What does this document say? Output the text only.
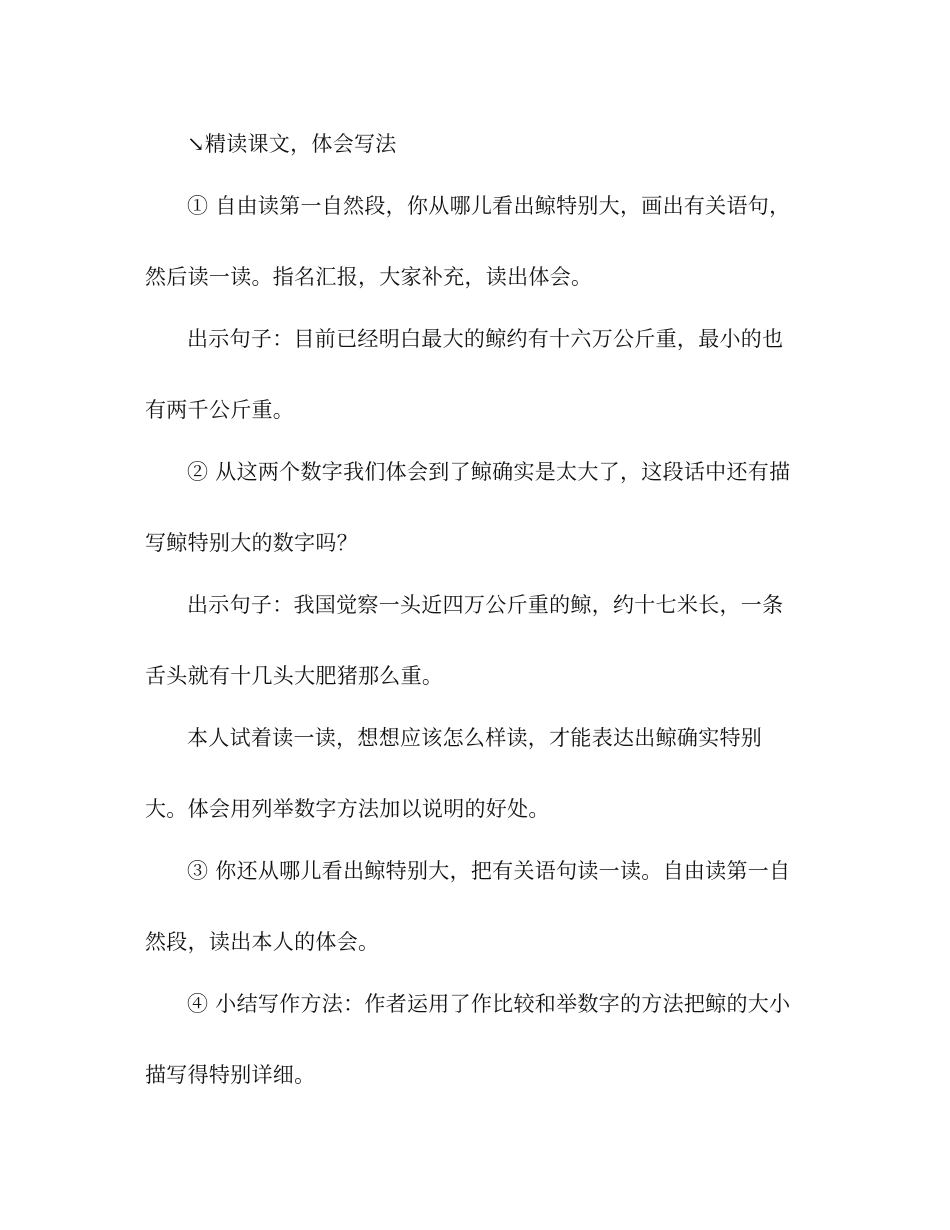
↘精读课文，体会写法
① 自由读第一自然段，你从哪儿看出鲸特别大，画出有关语句，
然后读一读。指名汇报，大家补充，读出体会。
出示句子：目前已经明白最大的鲸约有十六万公斤重，最小的也
有两千公斤重。
② 从这两个数字我们体会到了鲸确实是太大了，这段话中还有描
写鲸特别大的数字吗？
出示句子：我国觉察一头近四万公斤重的鲸，约十七米长，一条
舌头就有十几头大肥猪那么重。
本人试着读一读，想想应该怎么样读，才能表达出鲸确实特别
大。体会用列举数字方法加以说明的好处。
③ 你还从哪儿看出鲸特别大，把有关语句读一读。自由读第一自
然段，读出本人的体会。
④ 小结写作方法：作者运用了作比较和举数字的方法把鲸的大小
描写得特别详细。
